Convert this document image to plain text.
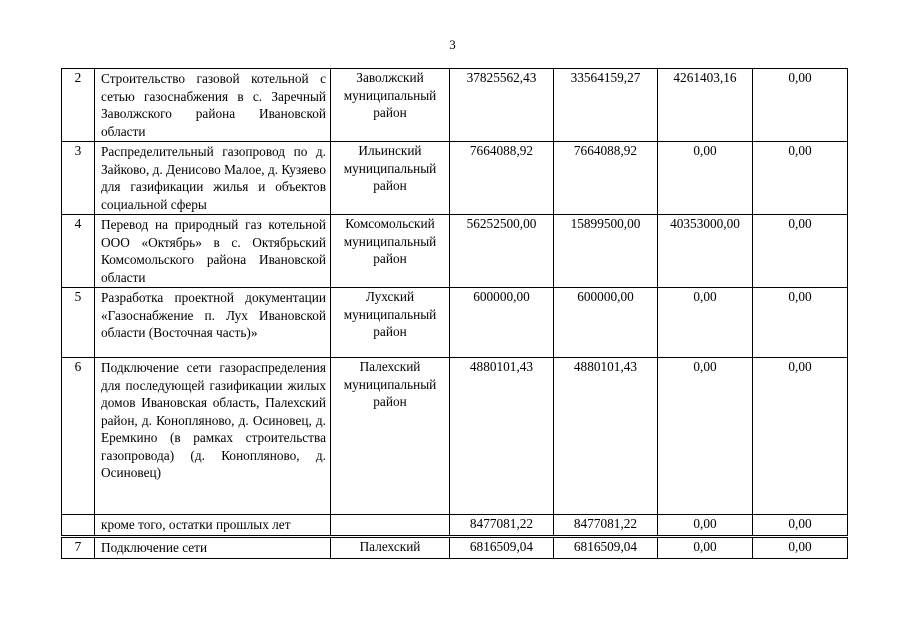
3
2	Строительство газовой котельной с сетью газоснабжения в с. Заречный Заволжского района Ивановской области	Заволжский муниципальный район	37825562,43	33564159,27	4261403,16	0,00
3	Распределительный газопровод по д. Зайково, д. Денисово Малое, д. Кузяево для газификации жилья и объектов социальной сферы	Ильинский муниципальный район	7664088,92	7664088,92	0,00	0,00
4	Перевод на природный газ котельной ООО «Октябрь» в с. Октябрьский Комсомольского района Ивановской области	Комсомольский муниципальный район	56252500,00	15899500,00	40353000,00	0,00
5	Разработка проектной документации «Газоснабжение п. Лух Ивановской области (Восточная часть)»	Лухский муниципальный район	600000,00	600000,00	0,00	0,00
6	Подключение сети газораспределения для последующей газификации жилых домов Ивановская область, Палехский район, д. Конопляново, д. Осиновец, д. Еремкино (в рамках строительства газопровода) (д. Конопляново, д. Осиновец)	Палехский муниципальный район	4880101,43	4880101,43	0,00	0,00
	кроме того, остатки прошлых лет		8477081,22	8477081,22	0,00	0,00
7	Подключение сети	Палехский	6816509,04	6816509,04	0,00	0,00
